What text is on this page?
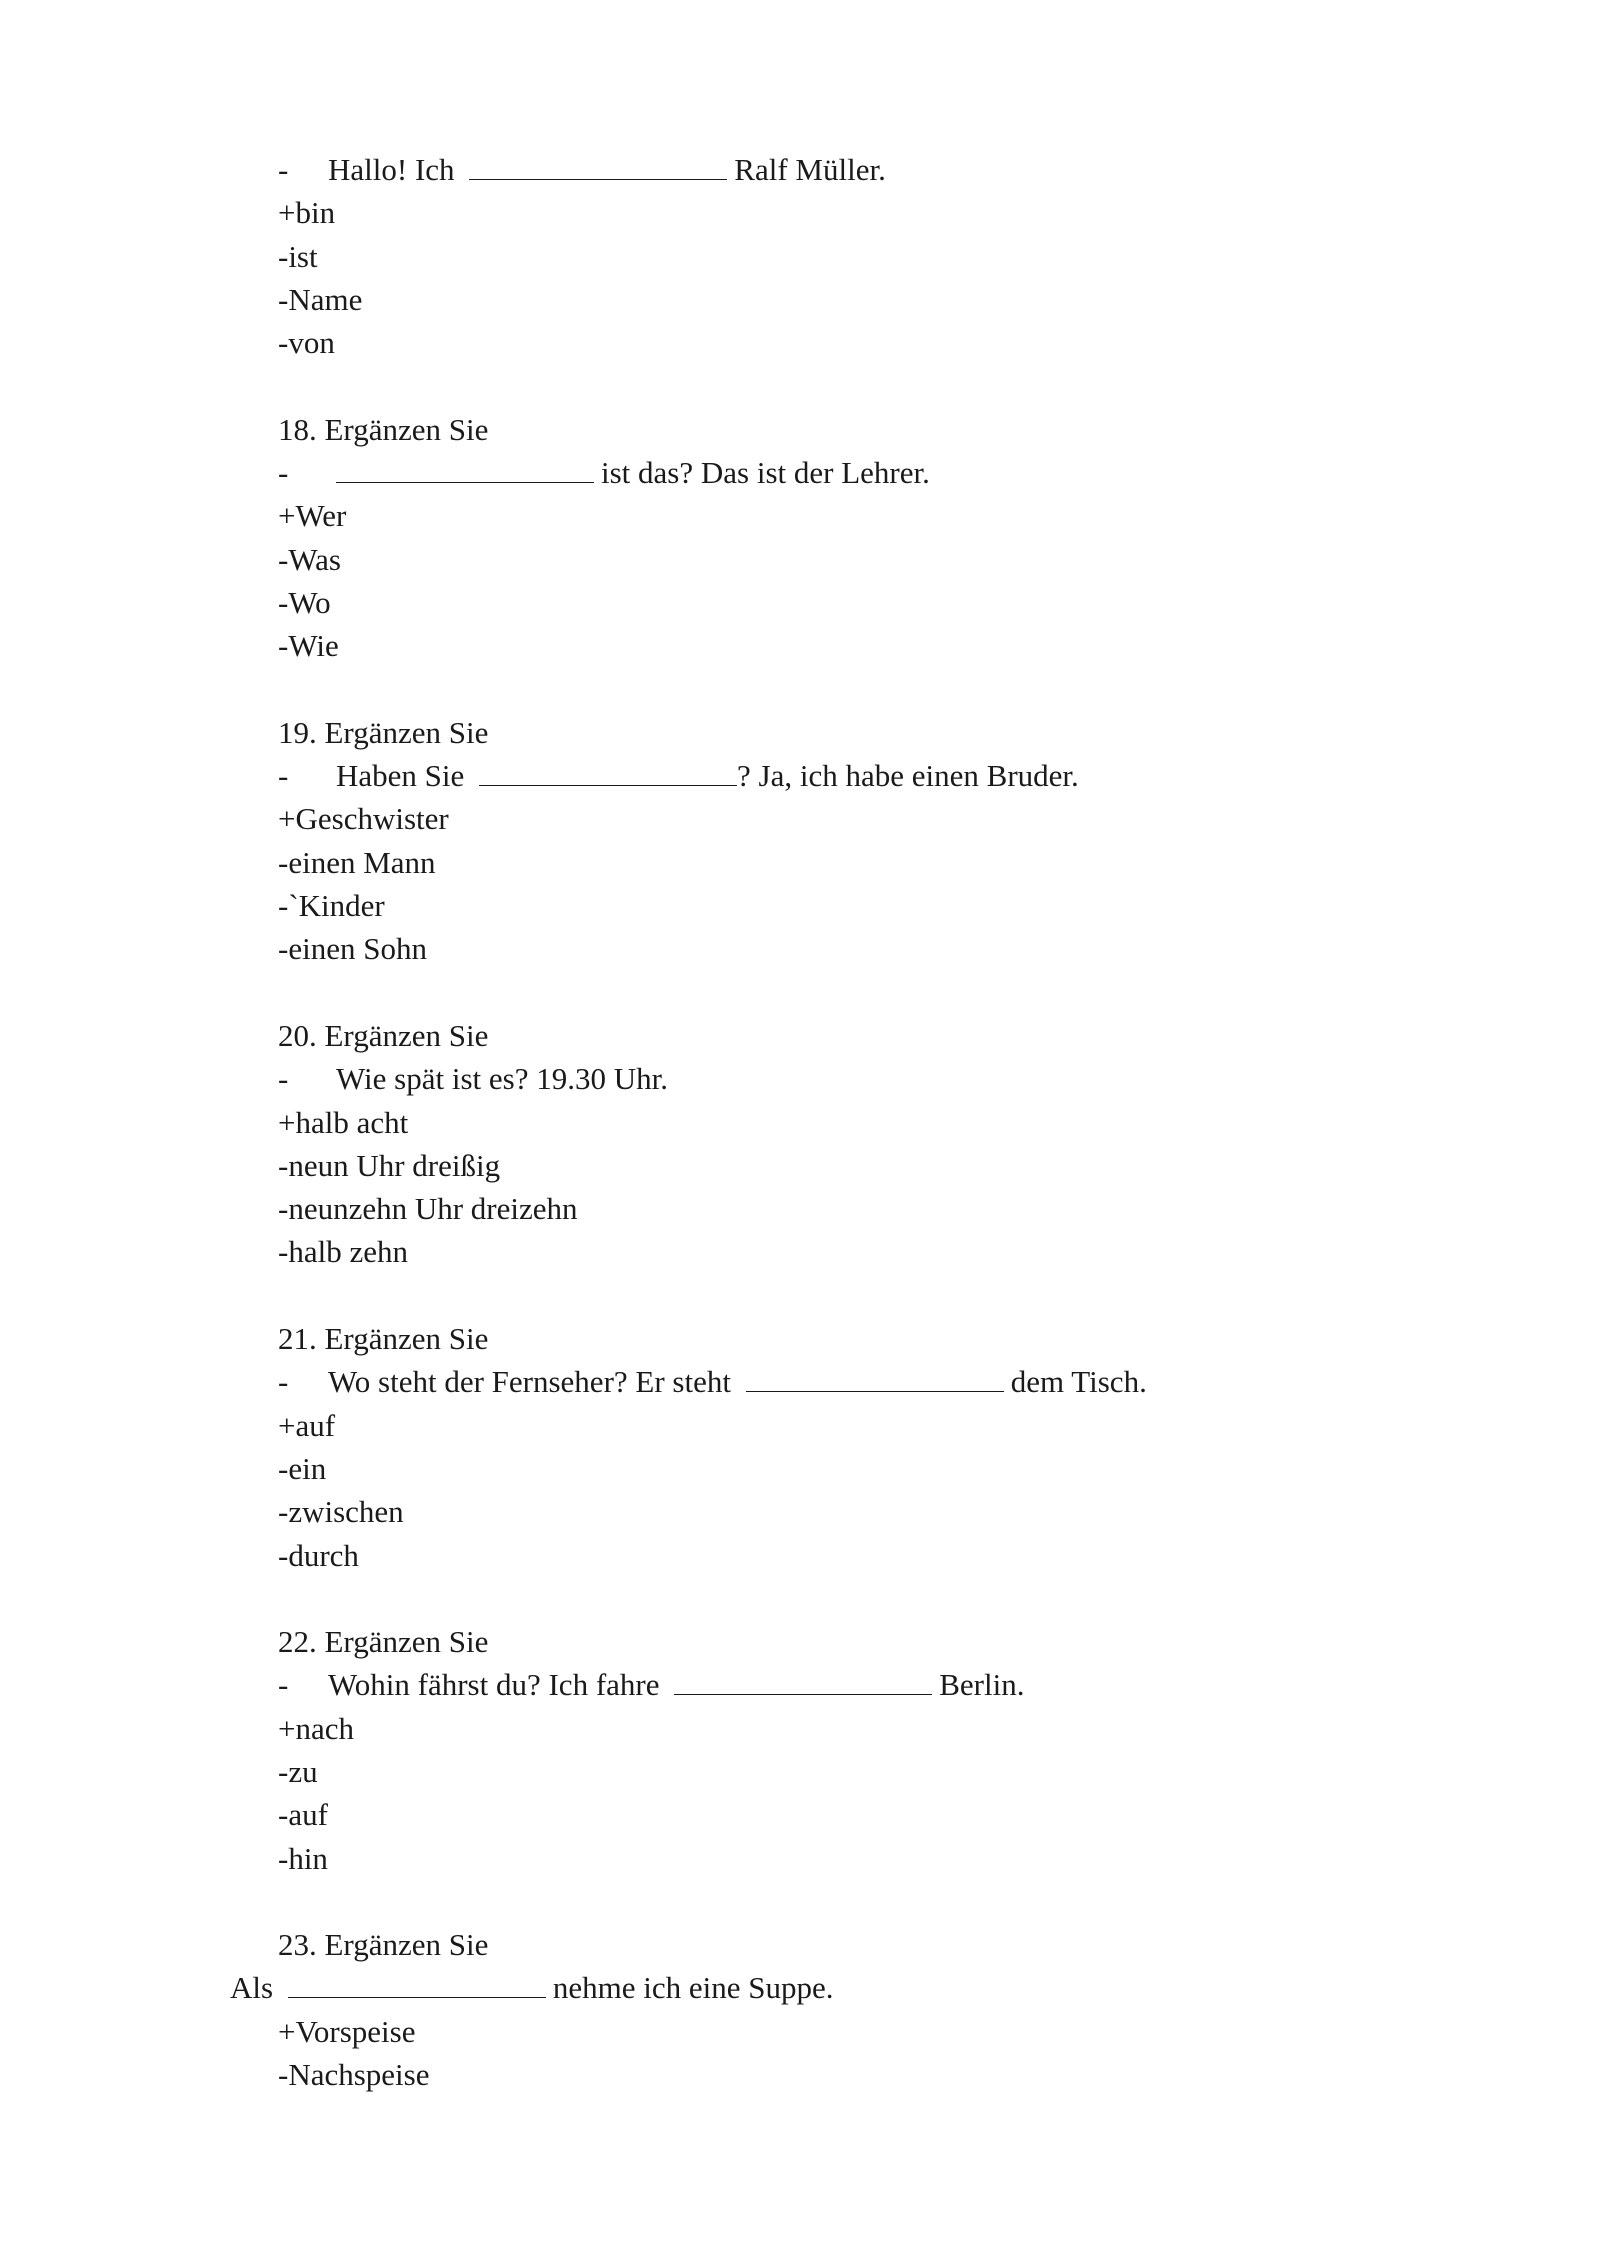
- Hallo! Ich	Ralf Müller.
+bin
-ist
-Name
-von
18. Ergänzen Sie
-	ist das? Das ist der Lehrer.
+Wer
-Was
-Wo
-Wie
19. Ergänzen Sie
- Haben Sie	? Ja, ich habe einen Bruder.
+Geschwister
-einen Mann
-`Kinder
-einen Sohn
20. Ergänzen Sie
- Wie spät ist es? 19.30 Uhr.
+halb acht
-neun Uhr dreißig
-neunzehn Uhr dreizehn
-halb zehn
21. Ergänzen Sie
- Wo steht der Fernseher? Er steht	dem Tisch.
+auf
-ein
-zwischen
-durch
22. Ergänzen Sie
- Wohin fährst du? Ich fahre	Berlin.
+nach
-zu
-auf
-hin
23. Ergänzen Sie
Als	nehme ich eine Suppe.
+Vorspeise
-Nachspeise
